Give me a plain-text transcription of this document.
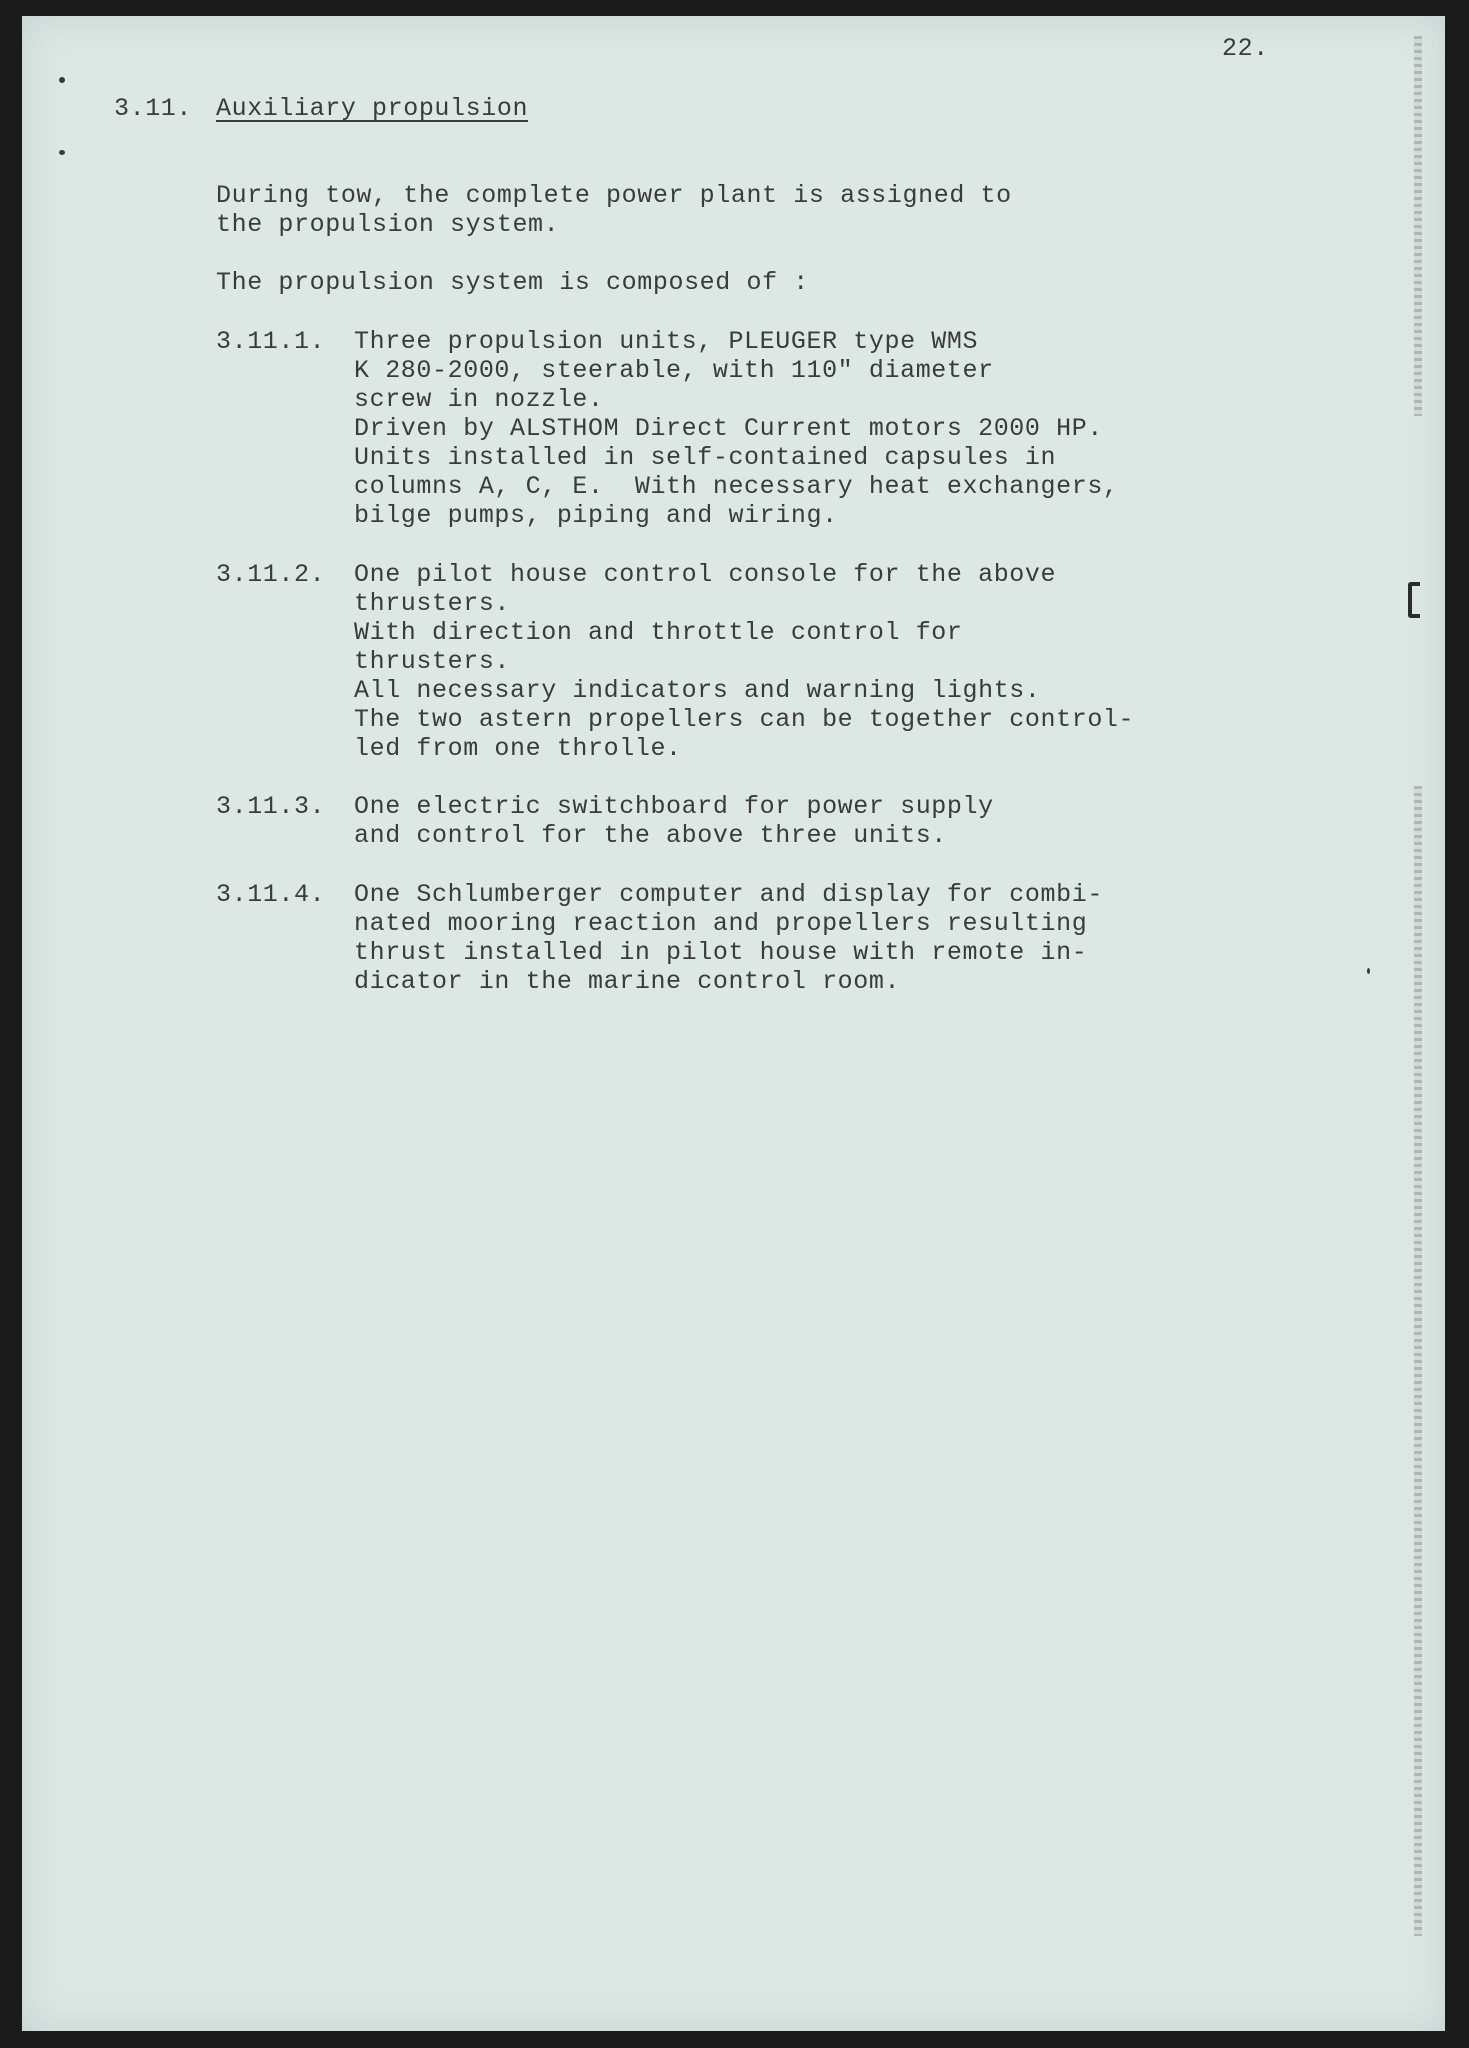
22.

3.11. Auxiliary propulsion

During tow, the complete power plant is assigned to
the propulsion system.

The propulsion system is composed of :

3.11.1. Three propulsion units, PLEUGER type WMS
K 280-2000, steerable, with 110" diameter
screw in nozzle.
Driven by ALSTHOM Direct Current motors 2000 HP.
Units installed in self-contained capsules in
columns A, C, E.  With necessary heat exchangers,
bilge pumps, piping and wiring.

3.11.2. One pilot house control console for the above
thrusters.
With direction and throttle control for
thrusters.
All necessary indicators and warning lights.
The two astern propellers can be together control-
led from one throlle.

3.11.3. One electric switchboard for power supply
and control for the above three units.

3.11.4. One Schlumberger computer and display for combi-
nated mooring reaction and propellers resulting
thrust installed in pilot house with remote in-
dicator in the marine control room.
